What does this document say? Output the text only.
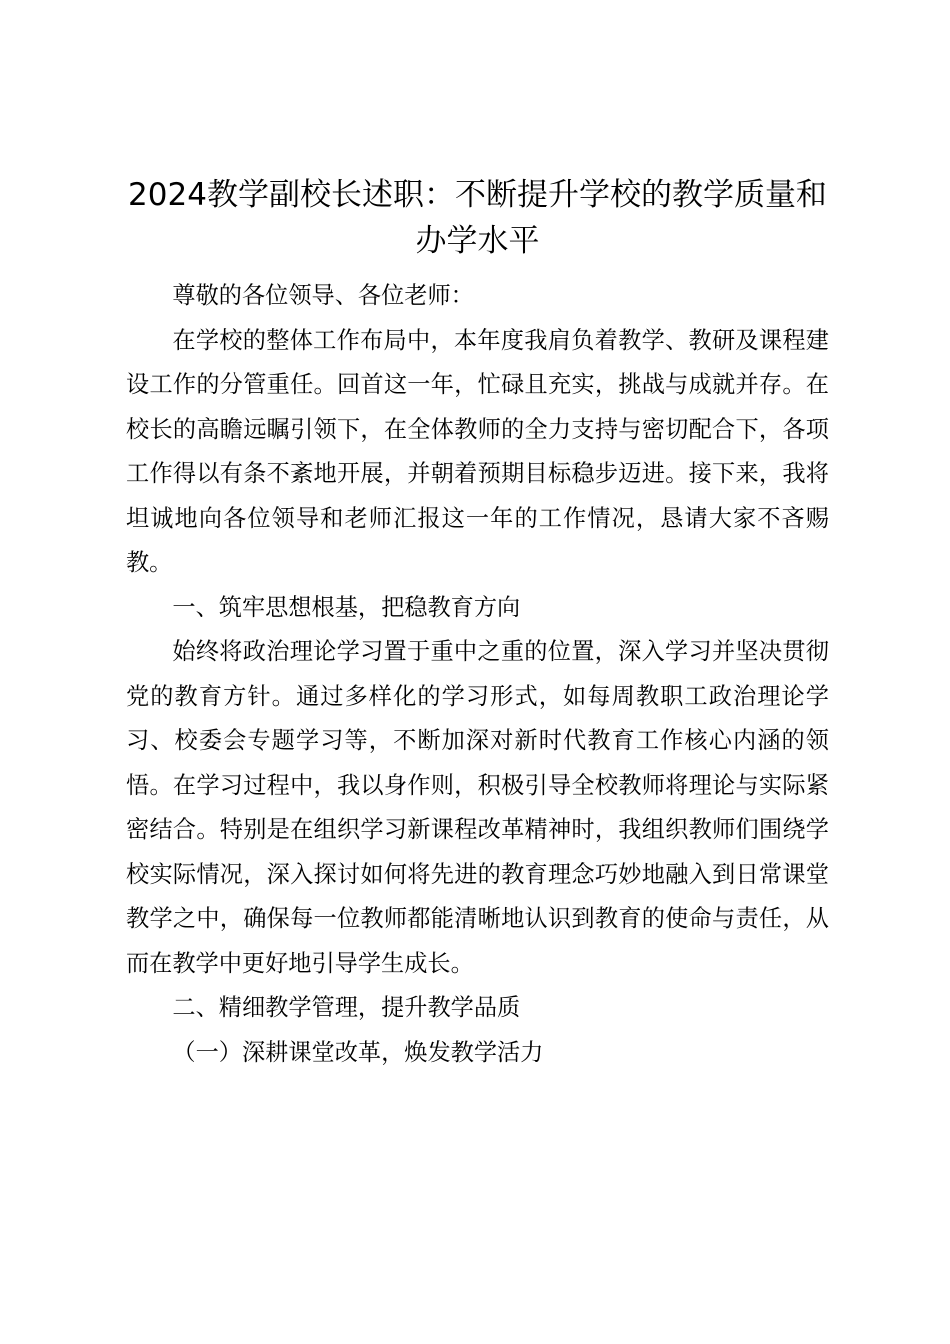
2024教学副校长述职：不断提升学校的教学质量和办学水平

尊敬的各位领导、各位老师：

在学校的整体工作布局中，本年度我肩负着教学、教研及课程建设工作的分管重任。回首这一年，忙碌且充实，挑战与成就并存。在校长的高瞻远瞩引领下，在全体教师的全力支持与密切配合下，各项工作得以有条不紊地开展，并朝着预期目标稳步迈进。接下来，我将坦诚地向各位领导和老师汇报这一年的工作情况，恳请大家不吝赐教。

一、筑牢思想根基，把稳教育方向

始终将政治理论学习置于重中之重的位置，深入学习并坚决贯彻党的教育方针。通过多样化的学习形式，如每周教职工政治理论学习、校委会专题学习等，不断加深对新时代教育工作核心内涵的领悟。在学习过程中，我以身作则，积极引导全校教师将理论与实际紧密结合。特别是在组织学习新课程改革精神时，我组织教师们围绕学校实际情况，深入探讨如何将先进的教育理念巧妙地融入到日常课堂教学之中，确保每一位教师都能清晰地认识到教育的使命与责任，从而在教学中更好地引导学生成长。

二、精细教学管理，提升教学品质

（一）深耕课堂改革，焕发教学活力
